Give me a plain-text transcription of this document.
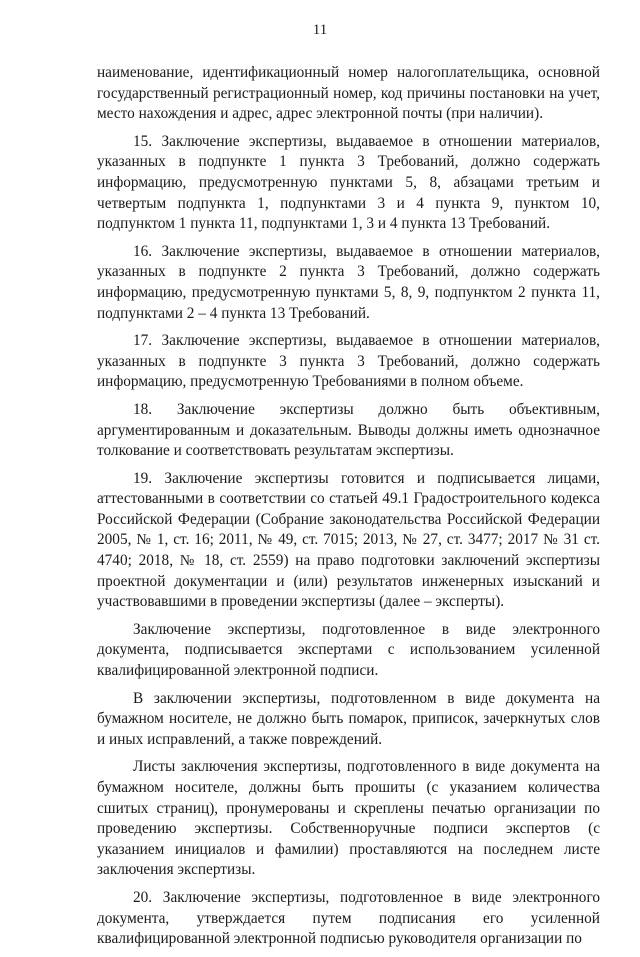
11

наименование, идентификационный номер налогоплательщика, основной государственный регистрационный номер, код причины постановки на учет, место нахождения и адрес, адрес электронной почты (при наличии).

15. Заключение экспертизы, выдаваемое в отношении материалов, указанных в подпункте 1 пункта 3 Требований, должно содержать информацию, предусмотренную пунктами 5, 8, абзацами третьим и четвертым подпункта 1, подпунктами 3 и 4 пункта 9, пунктом 10, подпунктом 1 пункта 11, подпунктами 1, 3 и 4 пункта 13 Требований.

16. Заключение экспертизы, выдаваемое в отношении материалов, указанных в подпункте 2 пункта 3 Требований, должно содержать информацию, предусмотренную пунктами 5, 8, 9, подпунктом 2 пункта 11, подпунктами 2 – 4 пункта 13 Требований.

17. Заключение экспертизы, выдаваемое в отношении материалов, указанных в подпункте 3 пункта 3 Требований, должно содержать информацию, предусмотренную Требованиями в полном объеме.

18. Заключение экспертизы должно быть объективным, аргументированным и доказательным. Выводы должны иметь однозначное толкование и соответствовать результатам экспертизы.

19. Заключение экспертизы готовится и подписывается лицами, аттестованными в соответствии со статьей 49.1 Градостроительного кодекса Российской Федерации (Собрание законодательства Российской Федерации 2005, № 1, ст. 16; 2011, № 49, ст. 7015; 2013, № 27, ст. 3477; 2017 № 31 ст. 4740; 2018, № 18, ст. 2559) на право подготовки заключений экспертизы проектной документации и (или) результатов инженерных изысканий и участвовавшими в проведении экспертизы (далее – эксперты).

Заключение экспертизы, подготовленное в виде электронного документа, подписывается экспертами с использованием усиленной квалифицированной электронной подписи.

В заключении экспертизы, подготовленном в виде документа на бумажном носителе, не должно быть помарок, приписок, зачеркнутых слов и иных исправлений, а также повреждений.

Листы заключения экспертизы, подготовленного в виде документа на бумажном носителе, должны быть прошиты (с указанием количества сшитых страниц), пронумерованы и скреплены печатью организации по проведению экспертизы. Собственноручные подписи экспертов (с указанием инициалов и фамилии) проставляются на последнем листе заключения экспертизы.

20. Заключение экспертизы, подготовленное в виде электронного документа, утверждается путем подписания его усиленной квалифицированной электронной подписью руководителя организации по
